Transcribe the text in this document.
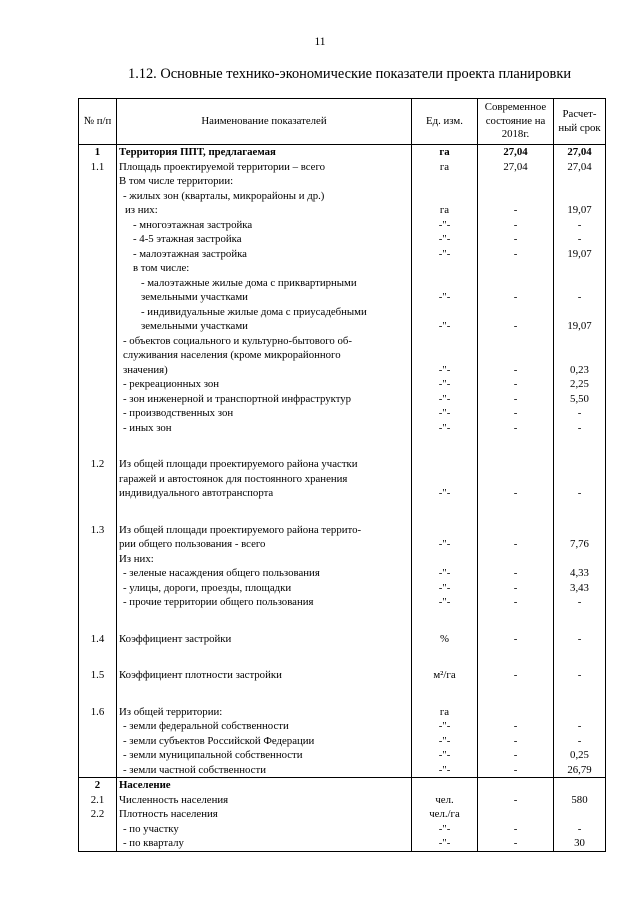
11
1.12. Основные технико-экономические показатели проекта планировки
№ п/п	Наименование показателей	Ед. изм.	Современное состояние на 2018г.	Расчет-ный срок
1	Территория ППТ, предлагаемая	га	27,04	27,04
1.1	Площадь проектируемой территории – всего	га	27,04	27,04
	В том числе территории:			
	- жилых зон (кварталы, микрорайоны и др.)			
	из них:	га	-	19,07
	- многоэтажная застройка	-"-	-	-
	- 4-5 этажная застройка	-"-	-	-
	- малоэтажная застройка	-"-	-	19,07
	в том числе:			
	- малоэтажные жилые дома с приквартирными			
	земельными участками	-"-	-	-
	- индивидуальные жилые дома с приусадебными			
	земельными участками	-"-	-	19,07
	- объектов социального и культурно-бытового об-			
	служивания населения (кроме микрорайонного			
	значения)	-"-	-	0,23
	- рекреационных зон	-"-	-	2,25
	- зон инженерной и транспортной инфраструктур	-"-	-	5,50
	- производственных зон	-"-	-	-
	- иных зон	-"-	-	-

1.2	Из общей площади проектируемого района участки			
	гаражей и автостоянок для постоянного хранения			
	индивидуального автотранспорта	-"-	-	-

1.3	Из общей площади проектируемого района террито-			
	рии общего пользования - всего	-"-	-	7,76
	Из них:			
	- зеленые насаждения общего пользования	-"-	-	4,33
	- улицы, дороги, проезды, площадки	-"-	-	3,43
	- прочие территории общего пользования	-"-	-	-

1.4	Коэффициент застройки	%	-	-

1.5	Коэффициент плотности застройки	м²/га	-	-

1.6	Из общей территории:	га		
	- земли федеральной собственности	-"-	-	-
	- земли субъектов Российской Федерации	-"-	-	-
	- земли муниципальной собственности	-"-	-	0,25
	- земли частной собственности	-"-	-	26,79
2	Население			
2.1	Численность населения	чел.	-	580
2.2	Плотность населения	чел./га		
	- по участку	-"-	-	-
	- по кварталу	-"-	-	30
